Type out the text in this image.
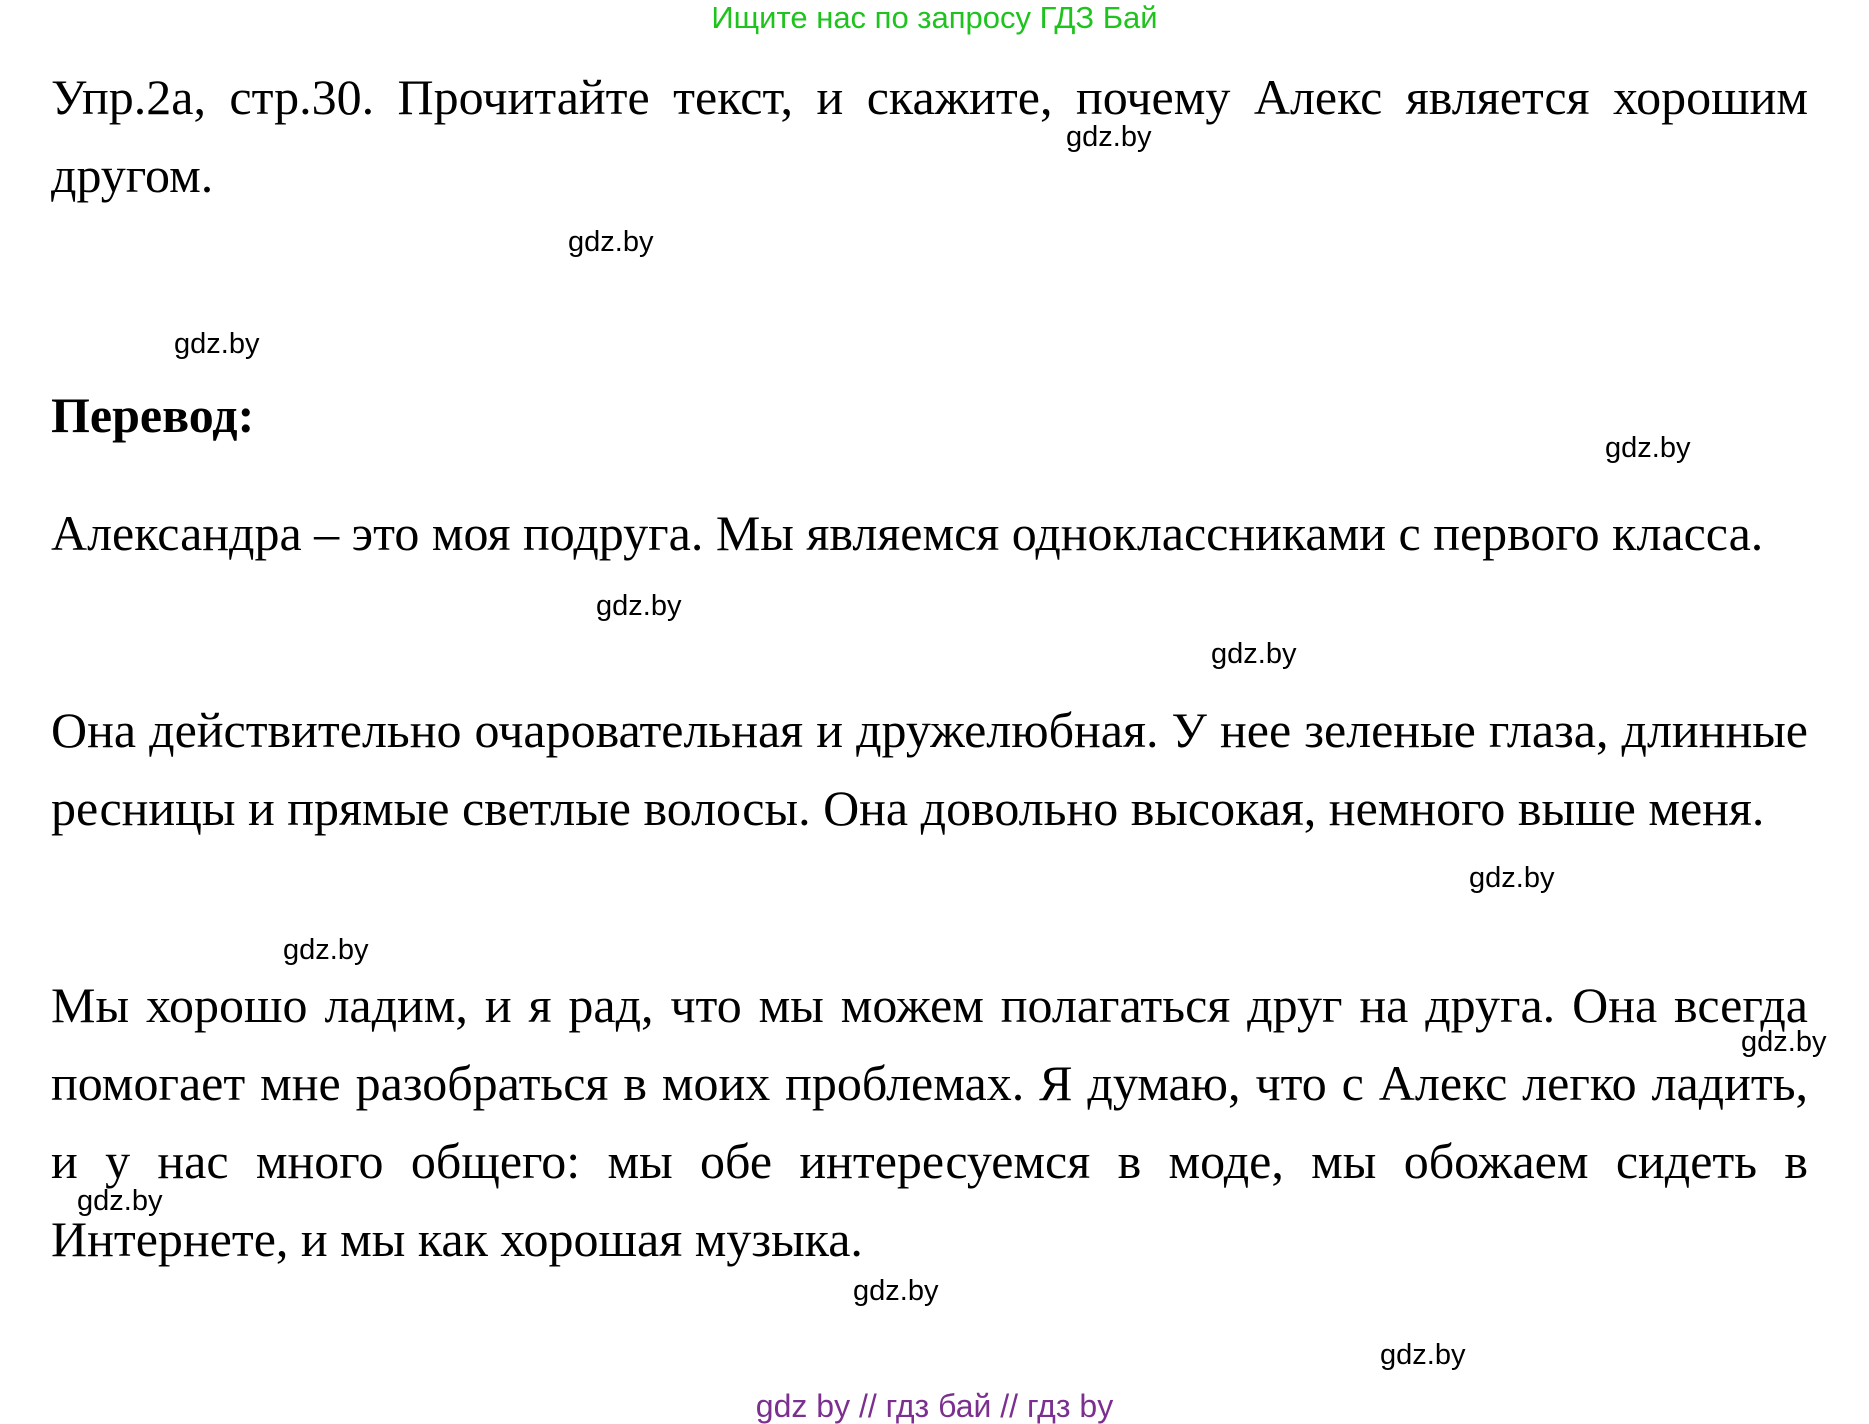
Ищите нас по запросу ГДЗ Бай

Упр.2а, стр.30. Прочитайте текст, и скажите, почему Алекс является хорошим другом.

Перевод:

Александра – это моя подруга. Мы являемся одноклассниками с первого класса.

Она действительно очаровательная и дружелюбная. У нее зеленые глаза, длинные ресницы и прямые светлые волосы. Она довольно высокая, немного выше меня.

Мы хорошо ладим, и я рад, что мы можем полагаться друг на друга. Она всегда помогает мне разобраться в моих проблемах. Я думаю, что с Алекс легко ладить, и у нас много общего: мы обе интересуемся в моде, мы обожаем сидеть в Интернете, и мы как хорошая музыка.

gdz.by
gdz.by
gdz.by
gdz.by
gdz.by
gdz.by
gdz.by
gdz.by
gdz.by
gdz.by
gdz.by
gdz.by
gdz by // гдз бай // гдз by
